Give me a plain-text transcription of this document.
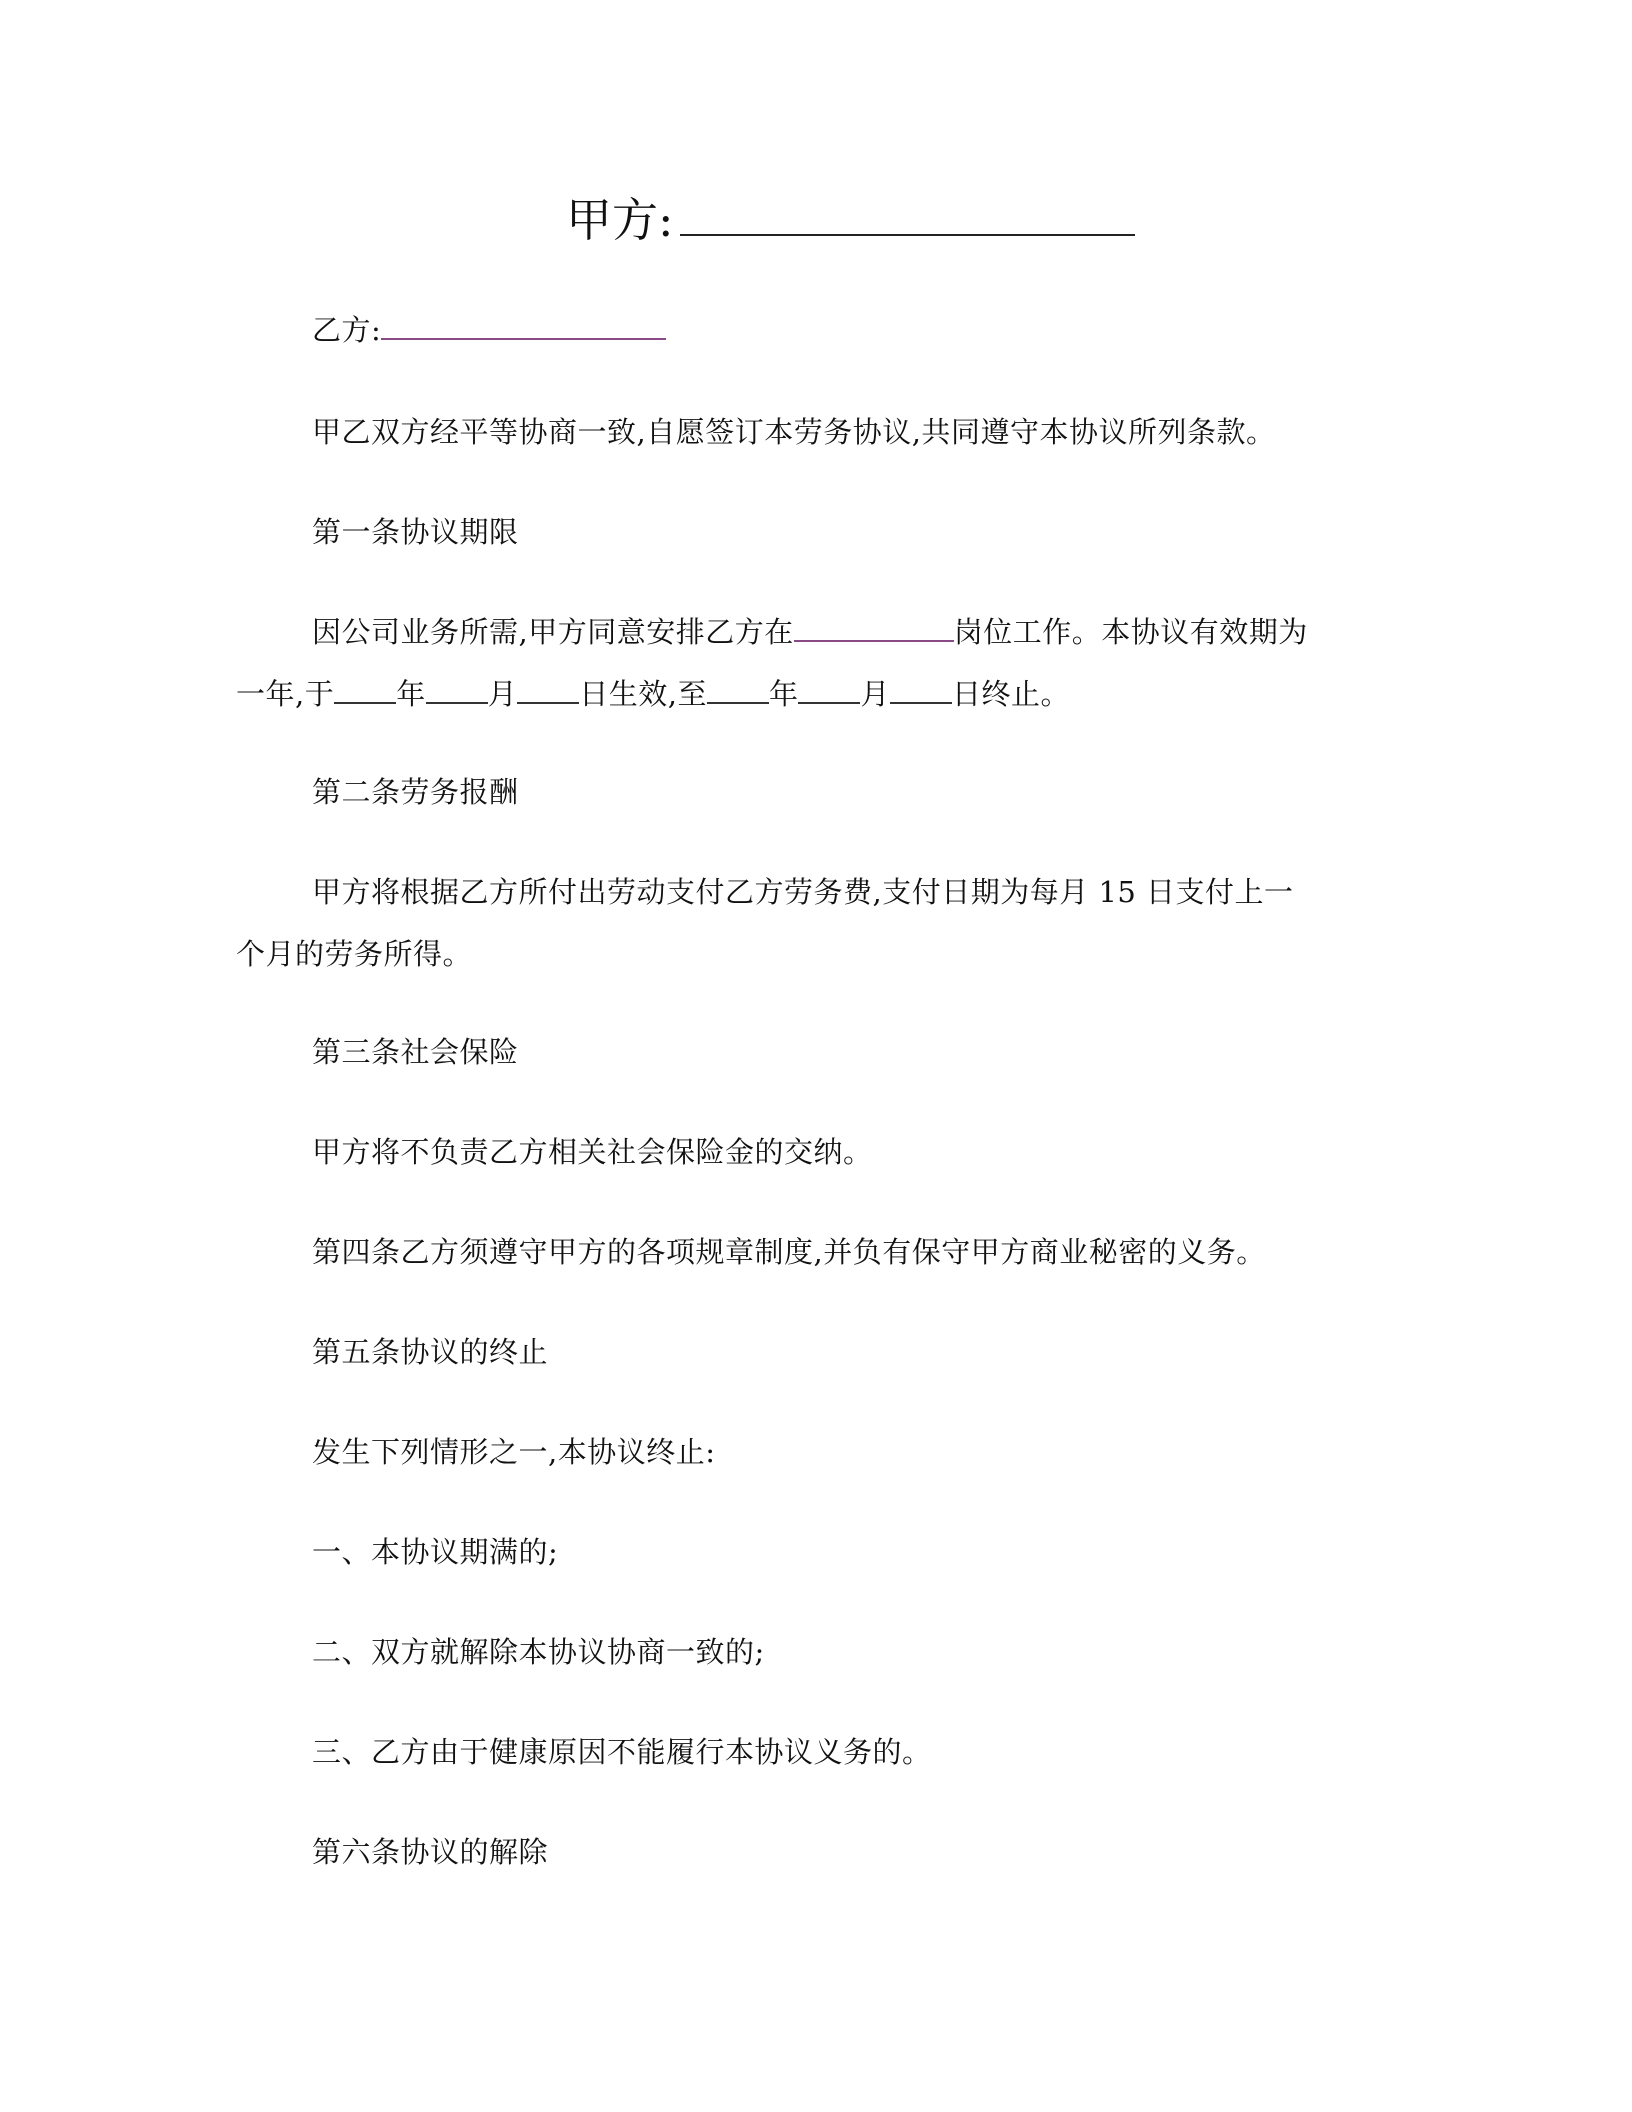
甲方:
乙方:
甲乙双方经平等协商一致,自愿签订本劳务协议,共同遵守本协议所列条款。
第一条协议期限
因公司业务所需,甲方同意安排乙方在	岗位工作。本协议有效期为
一年,于 年 月 日生效,至 年 月 日终止。
第二条劳务报酬
甲方将根据乙方所付出劳动支付乙方劳务费,支付日期为每月 15 日支付上一
个月的劳务所得。
第三条社会保险
甲方将不负责乙方相关社会保险金的交纳。
第四条乙方须遵守甲方的各项规章制度,并负有保守甲方商业秘密的义务。
第五条协议的终止
发生下列情形之一,本协议终止:
一、本协议期满的;
二、双方就解除本协议协商一致的;
三、乙方由于健康原因不能履行本协议义务的。
第六条协议的解除
